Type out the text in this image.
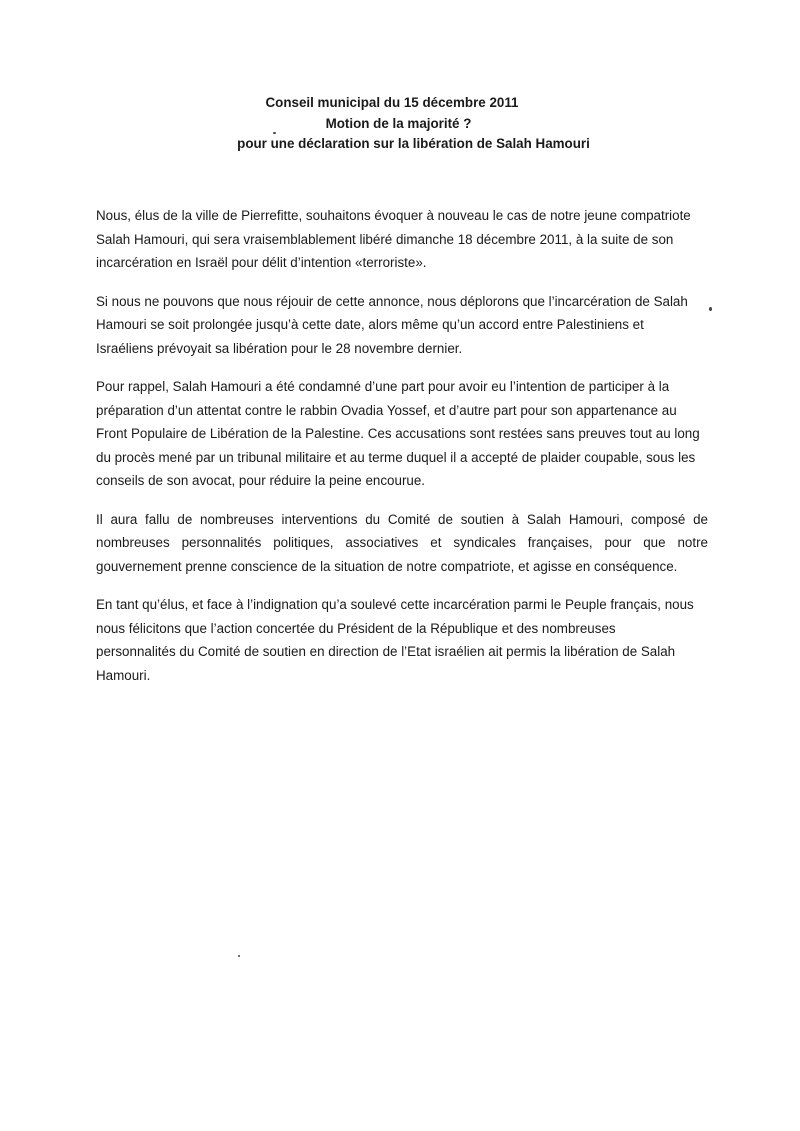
Conseil municipal du 15 décembre 2011
Motion de la majorité ?
pour une déclaration sur la libération de Salah Hamouri

Nous, élus de la ville de Pierrefitte, souhaitons évoquer à nouveau le cas de notre jeune compatriote
Salah Hamouri, qui sera vraisemblablement libéré dimanche 18 décembre 2011, à la suite de son
incarcération en Israël pour délit d’intention «terroriste».

Si nous ne pouvons que nous réjouir de cette annonce, nous déplorons que l’incarcération de Salah
Hamouri se soit prolongée jusqu’à cette date, alors même qu’un accord entre Palestiniens et
Israéliens prévoyait sa libération pour le 28 novembre dernier.

Pour rappel, Salah Hamouri a été condamné d’une part pour avoir eu l’intention de participer à la
préparation d’un attentat contre le rabbin Ovadia Yossef, et d’autre part pour son appartenance au
Front Populaire de Libération de la Palestine. Ces accusations sont restées sans preuves tout au long
du procès mené par un tribunal militaire et au terme duquel il a accepté de plaider coupable, sous les
conseils de son avocat, pour réduire la peine encourue.

Il aura fallu de nombreuses interventions du Comité de soutien à Salah Hamouri, composé de
nombreuses personnalités politiques, associatives et syndicales françaises, pour que notre
gouvernement prenne conscience de la situation de notre compatriote, et agisse en conséquence.

En tant qu’élus, et face à l’indignation qu’a soulevé cette incarcération parmi le Peuple français, nous
nous félicitons que l’action concertée du Président de la République et des nombreuses
personnalités du Comité de soutien en direction de l’Etat israélien ait permis la libération de Salah
Hamouri.
